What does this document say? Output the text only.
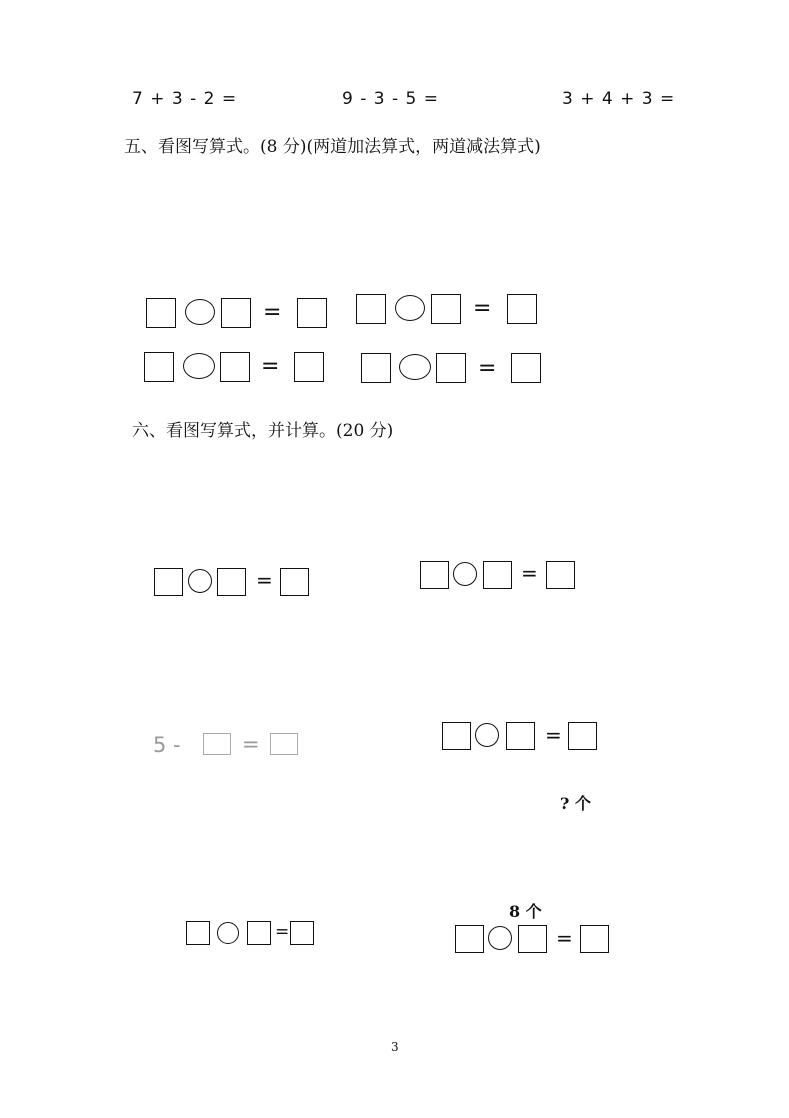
7 + 3 - 2 =	9 - 3 - 5 =	3 + 4 + 3 =
五、看图写算式。(8 分)(两道加法算式，两道减法算式)
=	=
=	=
六、看图写算式，并计算。(20 分)
=	=
5 -	=	=
=
? 个
8 个
=
3
